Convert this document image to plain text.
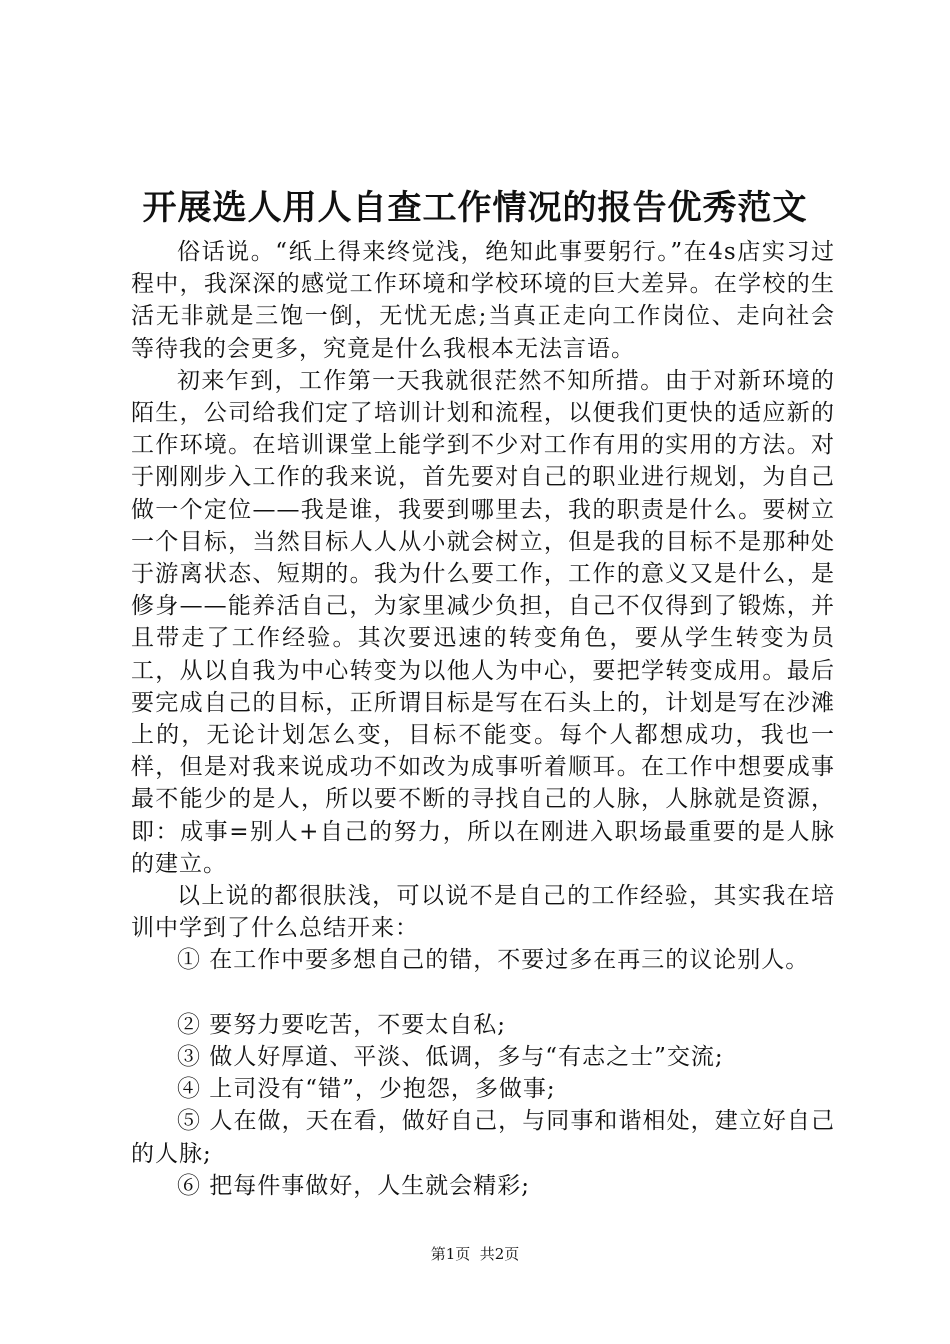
开展选人用人自查工作情况的报告优秀范文

俗话说。“纸上得来终觉浅，绝知此事要躬行。”在4s店实习过程中，我深深的感觉工作环境和学校环境的巨大差异。在学校的生活无非就是三饱一倒，无忧无虑;当真正走向工作岗位、走向社会等待我的会更多，究竟是什么我根本无法言语。

初来乍到，工作第一天我就很茫然不知所措。由于对新环境的陌生，公司给我们定了培训计划和流程，以便我们更快的适应新的工作环境。在培训课堂上能学到不少对工作有用的实用的方法。对于刚刚步入工作的我来说，首先要对自己的职业进行规划，为自己做一个定位——我是谁，我要到哪里去，我的职责是什么。要树立一个目标，当然目标人人从小就会树立，但是我的目标不是那种处于游离状态、短期的。我为什么要工作，工作的意义又是什么，是修身——能养活自己，为家里减少负担，自己不仅得到了锻炼，并且带走了工作经验。其次要迅速的转变角色，要从学生转变为员工，从以自我为中心转变为以他人为中心，要把学转变成用。最后要完成自己的目标，正所谓目标是写在石头上的，计划是写在沙滩上的，无论计划怎么变，目标不能变。每个人都想成功，我也一样，但是对我来说成功不如改为成事听着顺耳。在工作中想要成事最不能少的是人，所以要不断的寻找自己的人脉，人脉就是资源，即：成事=别人+自己的努力，所以在刚进入职场最重要的是人脉的建立。

以上说的都很肤浅，可以说不是自己的工作经验，其实我在培训中学到了什么总结开来：

① 在工作中要多想自己的错，不要过多在再三的议论别人。

② 要努力要吃苦，不要太自私;

③ 做人好厚道、平淡、低调，多与“有志之士”交流;

④ 上司没有“错”，少抱怨，多做事;

⑤ 人在做，天在看，做好自己，与同事和谐相处，建立好自己的人脉;

⑥ 把每件事做好，人生就会精彩;

第1页  共2页
